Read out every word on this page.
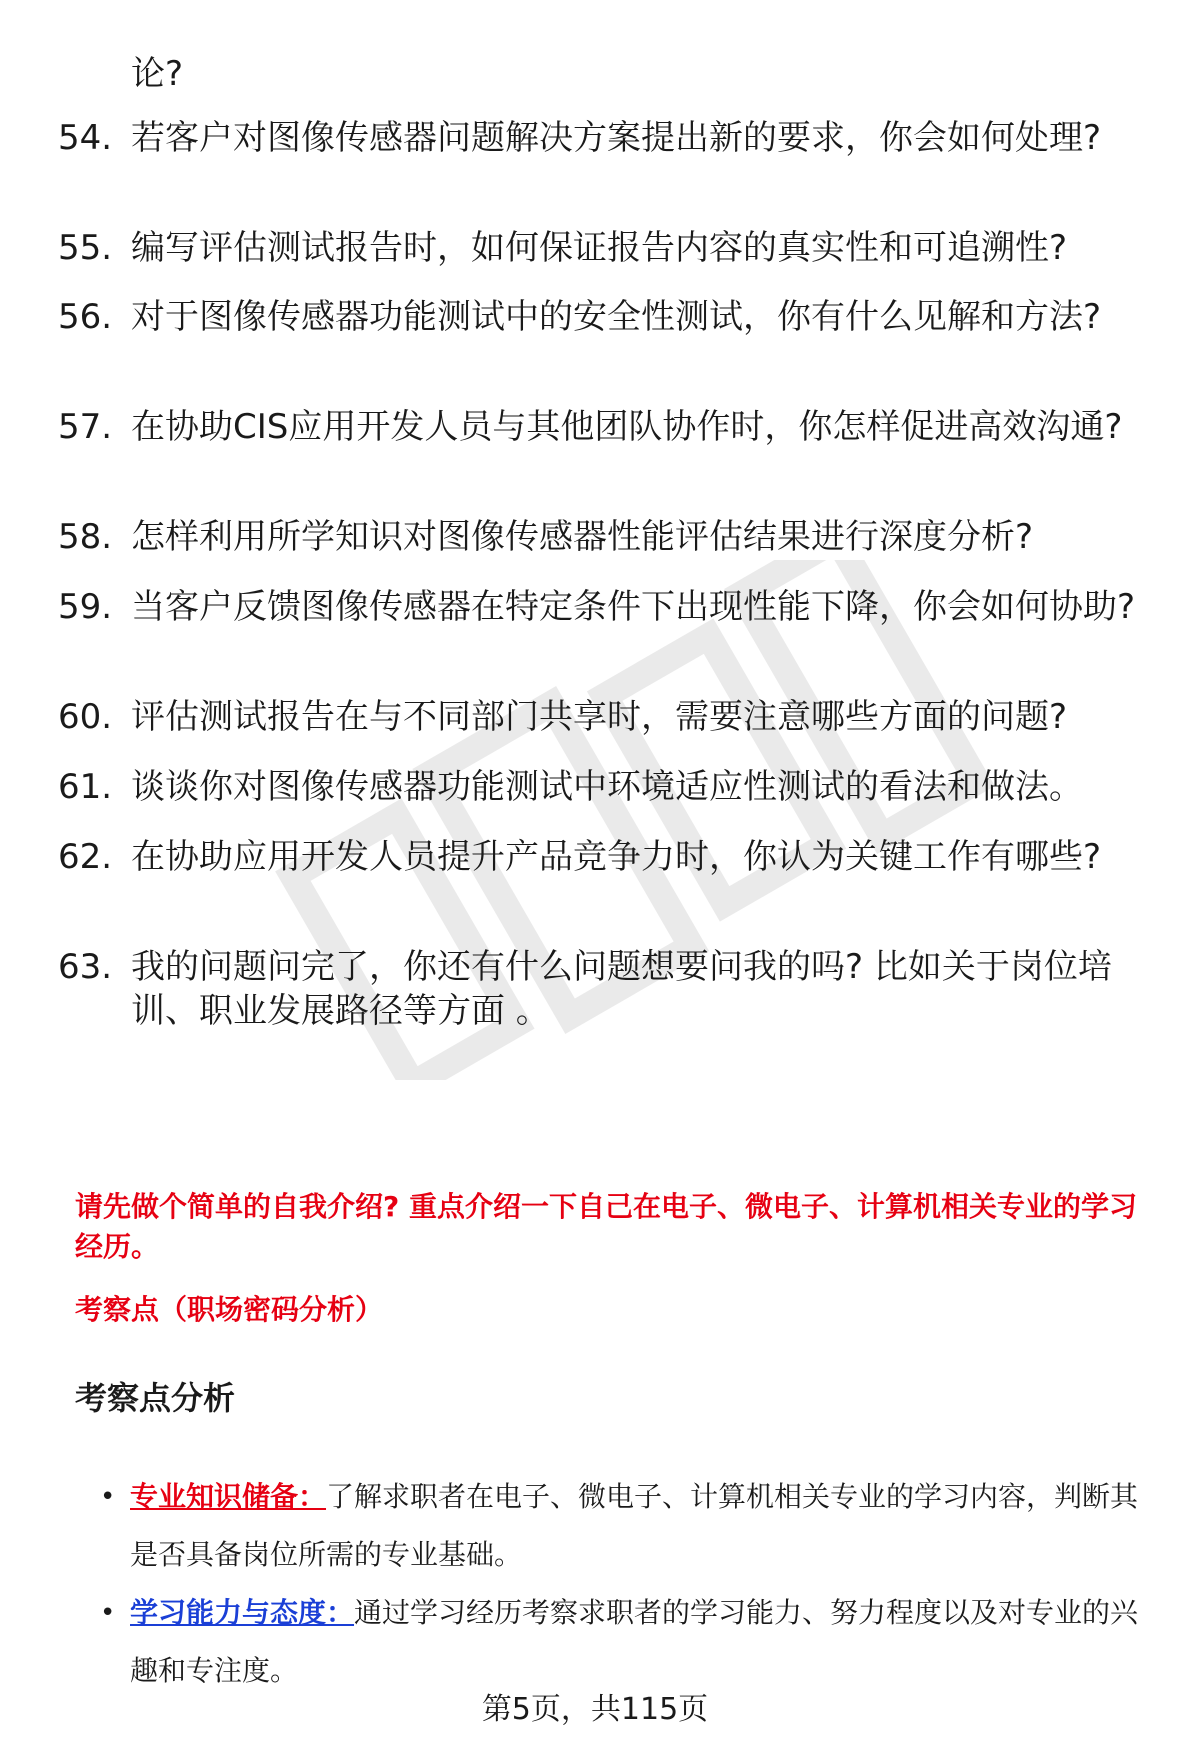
论?
54. 若客户对图像传感器问题解决方案提出新的要求，你会如何处理?
55. 编写评估测试报告时，如何保证报告内容的真实性和可追溯性?
56. 对于图像传感器功能测试中的安全性测试，你有什么见解和方法?
57. 在协助CIS应用开发人员与其他团队协作时，你怎样促进高效沟通?
58. 怎样利用所学知识对图像传感器性能评估结果进行深度分析?
59. 当客户反馈图像传感器在特定条件下出现性能下降，你会如何协助?
60. 评估测试报告在与不同部门共享时，需要注意哪些方面的问题?
61. 谈谈你对图像传感器功能测试中环境适应性测试的看法和做法。
62. 在协助应用开发人员提升产品竞争力时，你认为关键工作有哪些?
63. 我的问题问完了，你还有什么问题想要问我的吗? 比如关于岗位培训、职业发展路径等方面 。
请先做个简单的自我介绍? 重点介绍一下自己在电子、微电子、计算机相关专业的学习经历。
考察点（职场密码分析）
考察点分析
• 专业知识储备：了解求职者在电子、微电子、计算机相关专业的学习内容，判断其是否具备岗位所需的专业基础。
• 学习能力与态度：通过学习经历考察求职者的学习能力、努力程度以及对专业的兴趣和专注度。
第5页，共115页
